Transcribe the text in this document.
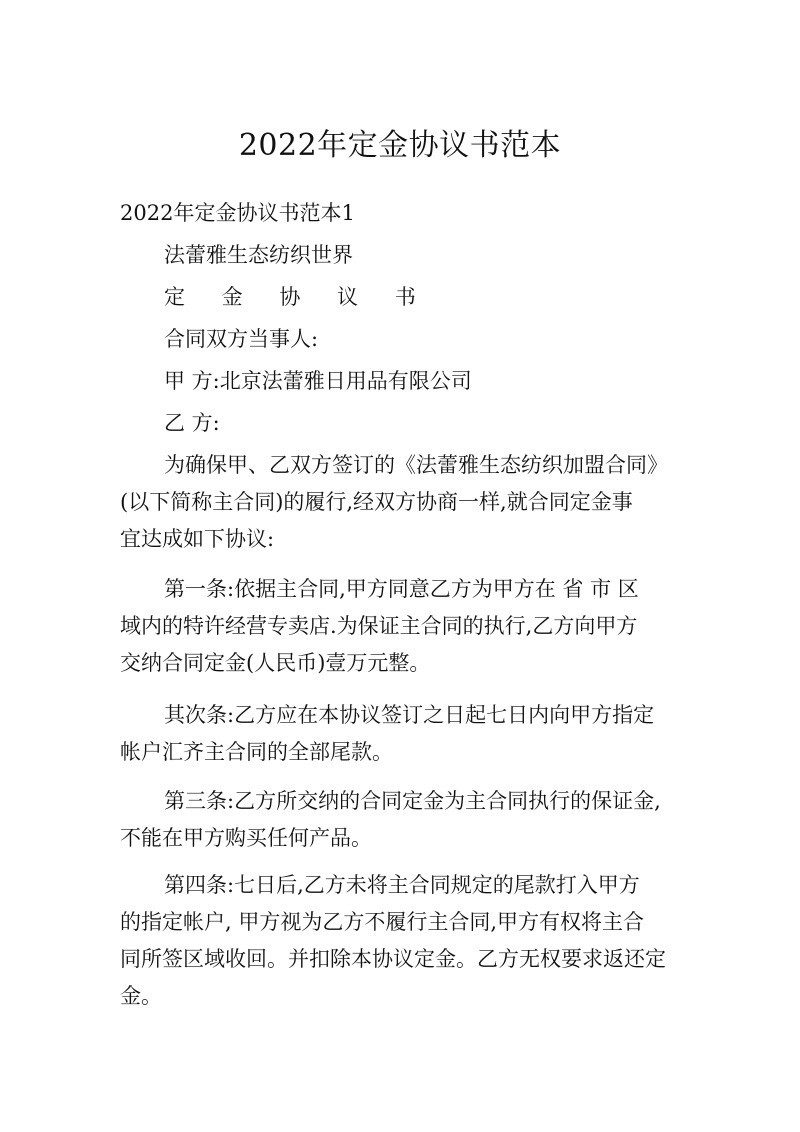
2022年定金协议书范本
2022年定金协议书范本1
法蕾雅生态纺织世界
定 金 协 议 书
合同双方当事人:
甲 方:北京法蕾雅日用品有限公司
乙 方:
为确保甲、乙双方签订的《法蕾雅生态纺织加盟合同》
(以下简称主合同)的履行,经双方协商一样,就合同定金事
宜达成如下协议:
第一条:依据主合同,甲方同意乙方为甲方在 省 市 区
域内的特许经营专卖店.为保证主合同的执行,乙方向甲方
交纳合同定金(人民币)壹万元整。
其次条:乙方应在本协议签订之日起七日内向甲方指定
帐户汇齐主合同的全部尾款。
第三条:乙方所交纳的合同定金为主合同执行的保证金,
不能在甲方购买任何产品。
第四条:七日后,乙方未将主合同规定的尾款打入甲方
的指定帐户, 甲方视为乙方不履行主合同,甲方有权将主合
同所签区域收回。并扣除本协议定金。乙方无权要求返还定
金。
